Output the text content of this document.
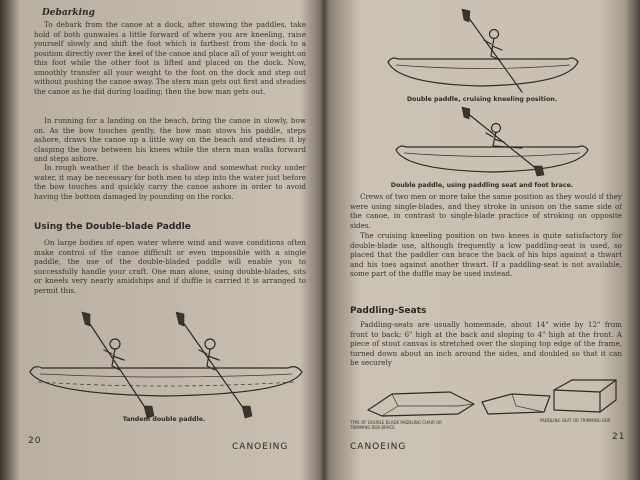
Debarking

To debark from the canoe at a dock, after stowing the paddles, take hold of both gunwales a little forward of where you are kneeling, raise yourself slowly and shift the foot which is farthest from the dock to a position directly over the keel of the canoe and place all of your weight on this foot while the other foot is lifted and placed on the dock. Now, smoothly transfer all your weight to the foot on the dock and step out without pushing the canoe away. The stern man gets out first and steadies the canoe as he did during loading; then the bow man gets out.

In running for a landing on the beach, bring the canoe in slowly, bow on. As the bow touches gently, the bow man stows his paddle, steps ashore, draws the canoe up a little way on the beach and steadies it by clasping the bow between his knees while the stern man walks forward and steps ashore.

In rough weather if the beach is shallow and somewhat rocky under water, it may be necessary for both men to step into the water just before the bow touches and quickly carry the canoe ashore in order to avoid having the bottom damaged by pounding on the rocks.

Using the Double-blade Paddle

On large bodies of open water where wind and wave conditions often make control of the canoe difficult or even impossible with a single paddle, the use of the double-bladed paddle will enable you to successfully handle your craft. One man alone, using double-blades, sits or kneels very nearly amidships and if duffle is carried it is arranged to permit this.

Tandem double paddle.
20
CANOEING
Double paddle, cruising kneeling position.
Double paddle, using paddling seat and foot brace.

Crews of two men or more take the same position as they would if they were using single-blades, and they stroke in unison on the same side of the canoe, in contrast to single-blade practice of stroking on opposite sides.

The cruising kneeling position on two knees is quite satisfactory for double-blade use, although frequently a low paddling-seat is used, so placed that the paddler can brace the back of his hips against a thwart and his toes against another thwart. If a paddling-seat is not available, some part of the duffle may be used instead.

Paddling-Seats

Paddling-seats are usually homemade, about 14" wide by 12" from front to back; 6" high at the back and sloping to 4" high at the front. A piece of stout canvas is stretched over the sloping top edge of the frame, turned down about an inch around the sides, and doubled so that it can be securely

TYPE OF DOUBLE BLADE PADDLING CHAIR OR TRIMMING BOX BRACE
PADDLING SEAT OR TRIMMING BOX
CANOEING
21
